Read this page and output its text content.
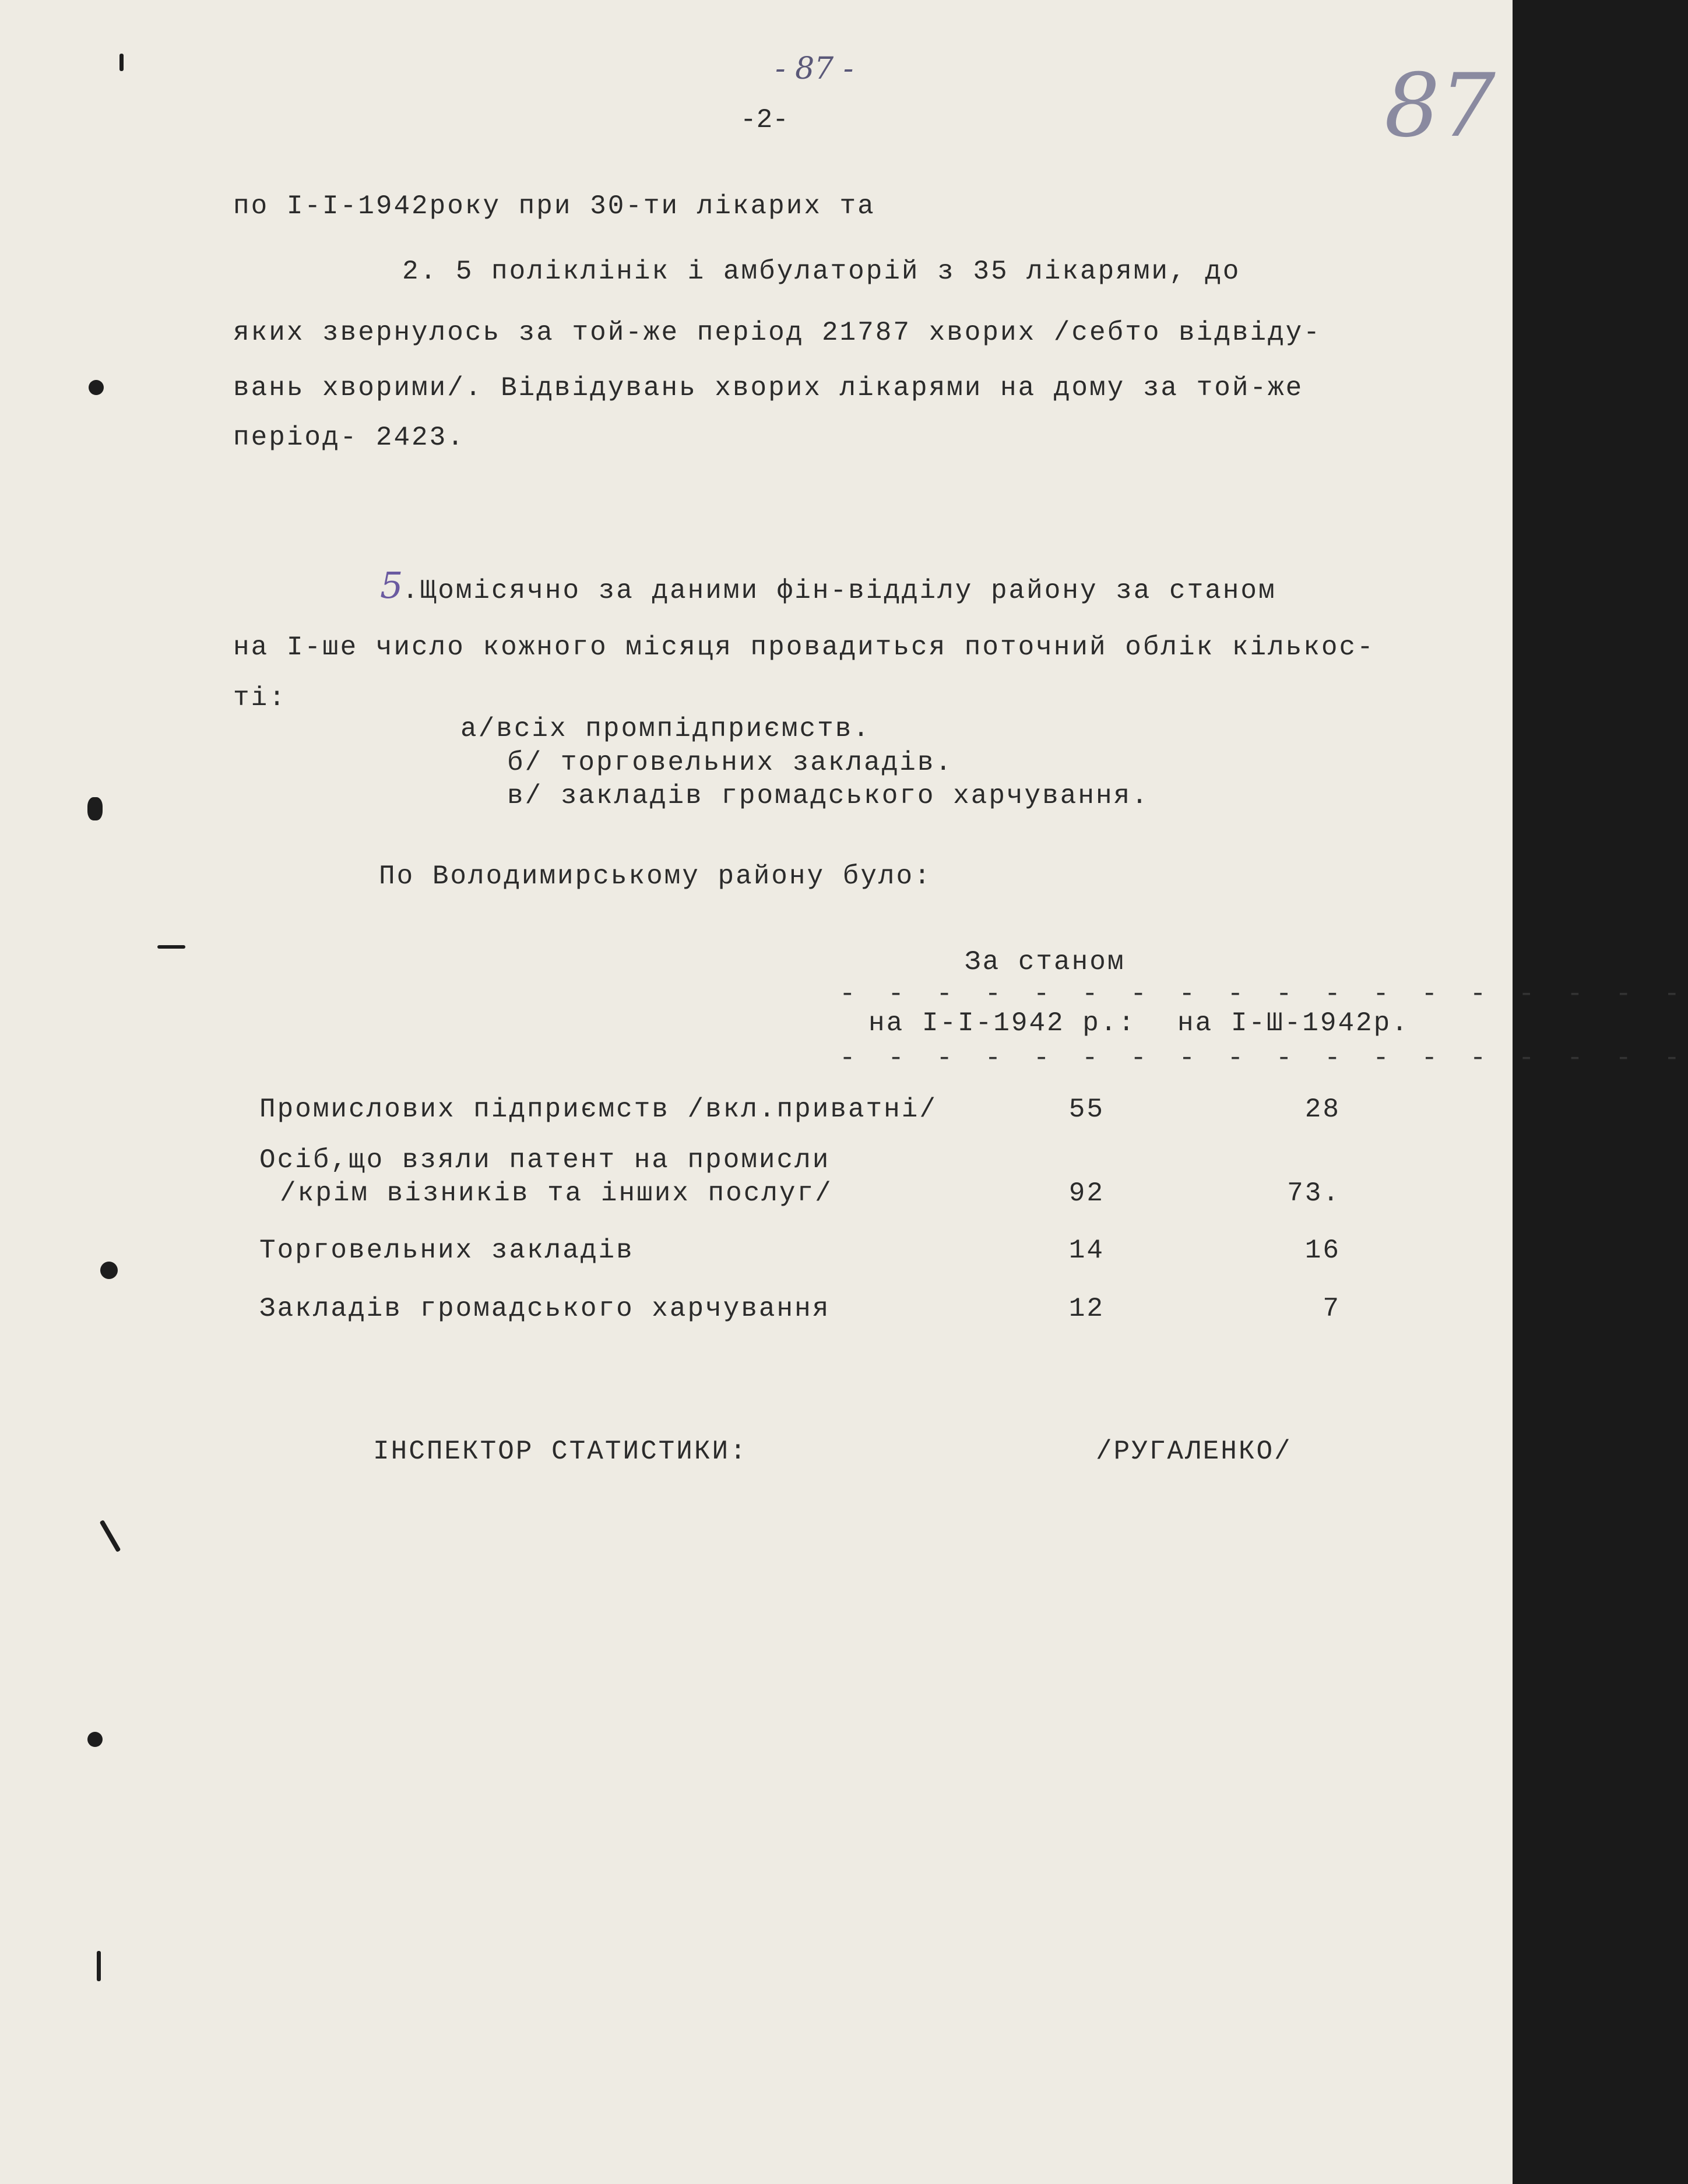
- 87 -	87
-2-
по I-I-1942року при 30-ти лікарих та
2. 5 поліклінік і амбулаторій з 35 лікарями, до
яких звернулось за той-же період 21787 хворих /себто відвіду-
вань хворими/. Відвідувань хворих лікарями на дому за той-же
період- 2423.
5
.Щомісячно за даними фін-відділу району за станом
на I-ше число кожного місяця провадиться поточний облік кількос-
ті:
а/всіх промпідприємств.
б/ торговельних закладів.
в/ закладів громадського харчування.
По Володимирському району було:
За станом
- - - - - - - - - - - - - - - - - -
на I-I-1942 р.: на I-Ш-1942р.
- - - - - - - - - - - - - - - - - -
Промислових підприємств /вкл.приватні/	55	28
Осіб,що взяли патент на промисли
/крім візників та інших послуг/	92	73.
Торговельних закладів	14	16
Закладів громадського харчування	12	7
ІНСПЕКТОР СТАТИСТИКИ:	/РУГАЛЕНКО/
